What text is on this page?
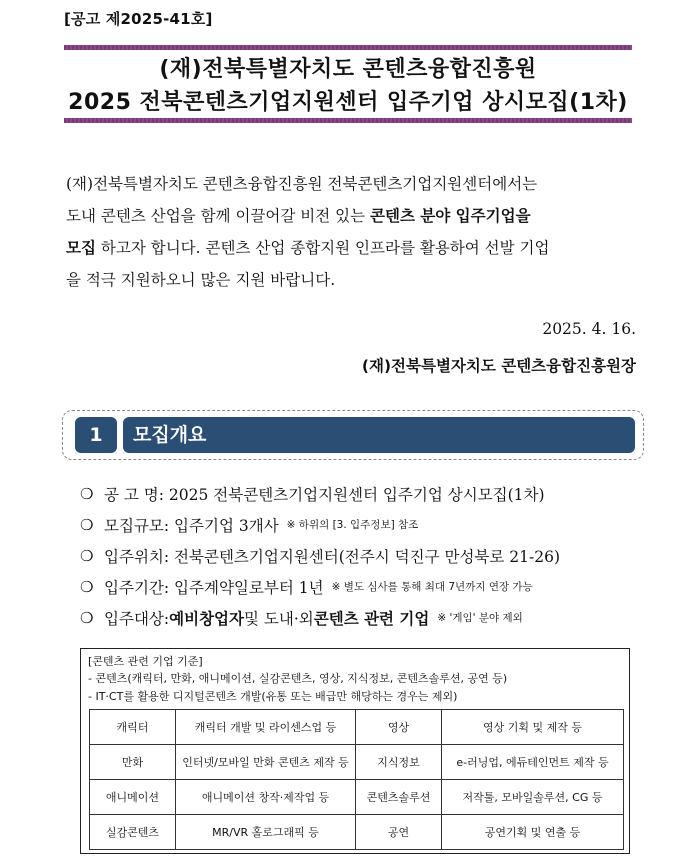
[공고 제2025-41호]
(재)전북특별자치도 콘텐츠융합진흥원
2025 전북콘텐츠기업지원센터 입주기업 상시모집(1차)
(재)전북특별자치도 콘텐츠융합진흥원 전북콘텐츠기업지원센터에서는
도내 콘텐츠 산업을 함께 이끌어갈 비전 있는 콘텐츠 분야 입주기업을
모집 하고자 합니다. 콘텐츠 산업 종합지원 인프라를 활용하여 선발 기업
을 적극 지원하오니 많은 지원 바랍니다.
2025. 4. 16.
(재)전북특별자치도 콘텐츠융합진흥원장
1	모집개요
❍ 공 고 명: 2025 전북콘텐츠기업지원센터 입주기업 상시모집(1차)
❍ 모집규모: 입주기업 3개사 ※ 하위의 [3. 입주정보] 참조
❍ 입주위치: 전북콘텐츠기업지원센터(전주시 덕진구 만성북로 21-26)
❍ 입주기간: 입주계약일로부터 1년 ※ 별도 심사를 통해 최대 7년까지 연장 가능
❍ 입주대상: 예비창업자 및 도내·외 콘텐츠 관련 기업 ※ '게임' 분야 제외
[콘텐츠 관련 기업 기준]
- 콘텐츠(캐릭터, 만화, 애니메이션, 실감콘텐츠, 영상, 지식정보, 콘텐츠솔루션, 공연 등)
- IT·CT를 활용한 디지털콘텐츠 개발(유통 또는 배급만 해당하는 경우는 제외)
캐릭터	캐릭터 개발 및 라이센스업 등	영상	영상 기획 및 제작 등
만화	인터넷/모바일 만화 콘텐츠 제작 등	지식정보	e-러닝업, 에듀테인먼트 제작 등
애니메이션	애니메이션 창작·제작업 등	콘텐츠솔루션	저작툴, 모바일솔루션, CG 등
실감콘텐츠	MR/VR 홀로그래픽 등	공연	공연기획 및 연출 등
